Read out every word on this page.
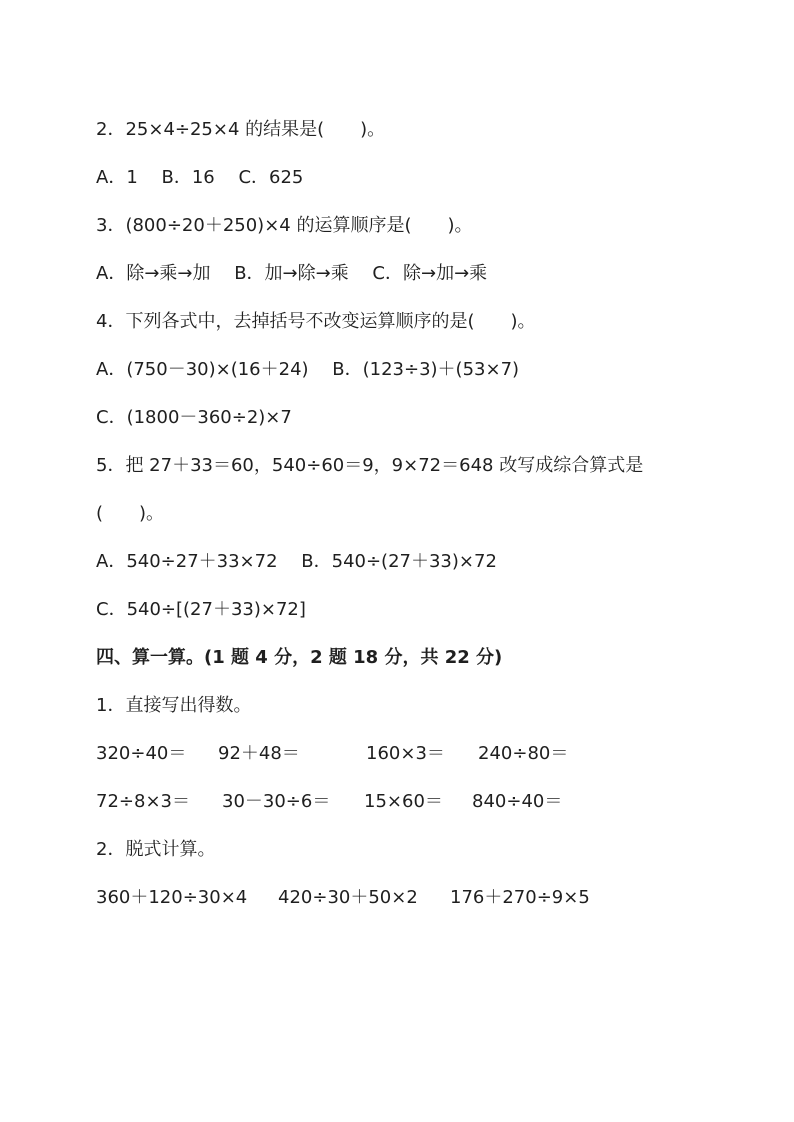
2．25×4÷25×4 的结果是(　　)。
A．1　 B．16　 C．625
3．(800÷20＋250)×4 的运算顺序是(　　)。
A．除→乘→加　 B．加→除→乘　 C．除→加→乘
4．下列各式中，去掉括号不改变运算顺序的是(　　)。
A．(750－30)×(16＋24)　 B．(123÷3)＋(53×7)
C．(1800－360÷2)×7
5．把 27＋33＝60，540÷60＝9，9×72＝648 改写成综合算式是
(　　)。
A．540÷27＋33×72　 B．540÷(27＋33)×72
C．540÷[(27＋33)×72]
四、算一算。(1 题 4 分，2 题 18 分，共 22 分)
1．直接写出得数。

320÷40＝

92＋48＝

	160×3＝

240÷80＝

72÷8×3＝

30－30÷6＝

15×60＝

840÷40＝

2．脱式计算。

360＋120÷30×4

420÷30＋50×2

176＋270÷9×5
